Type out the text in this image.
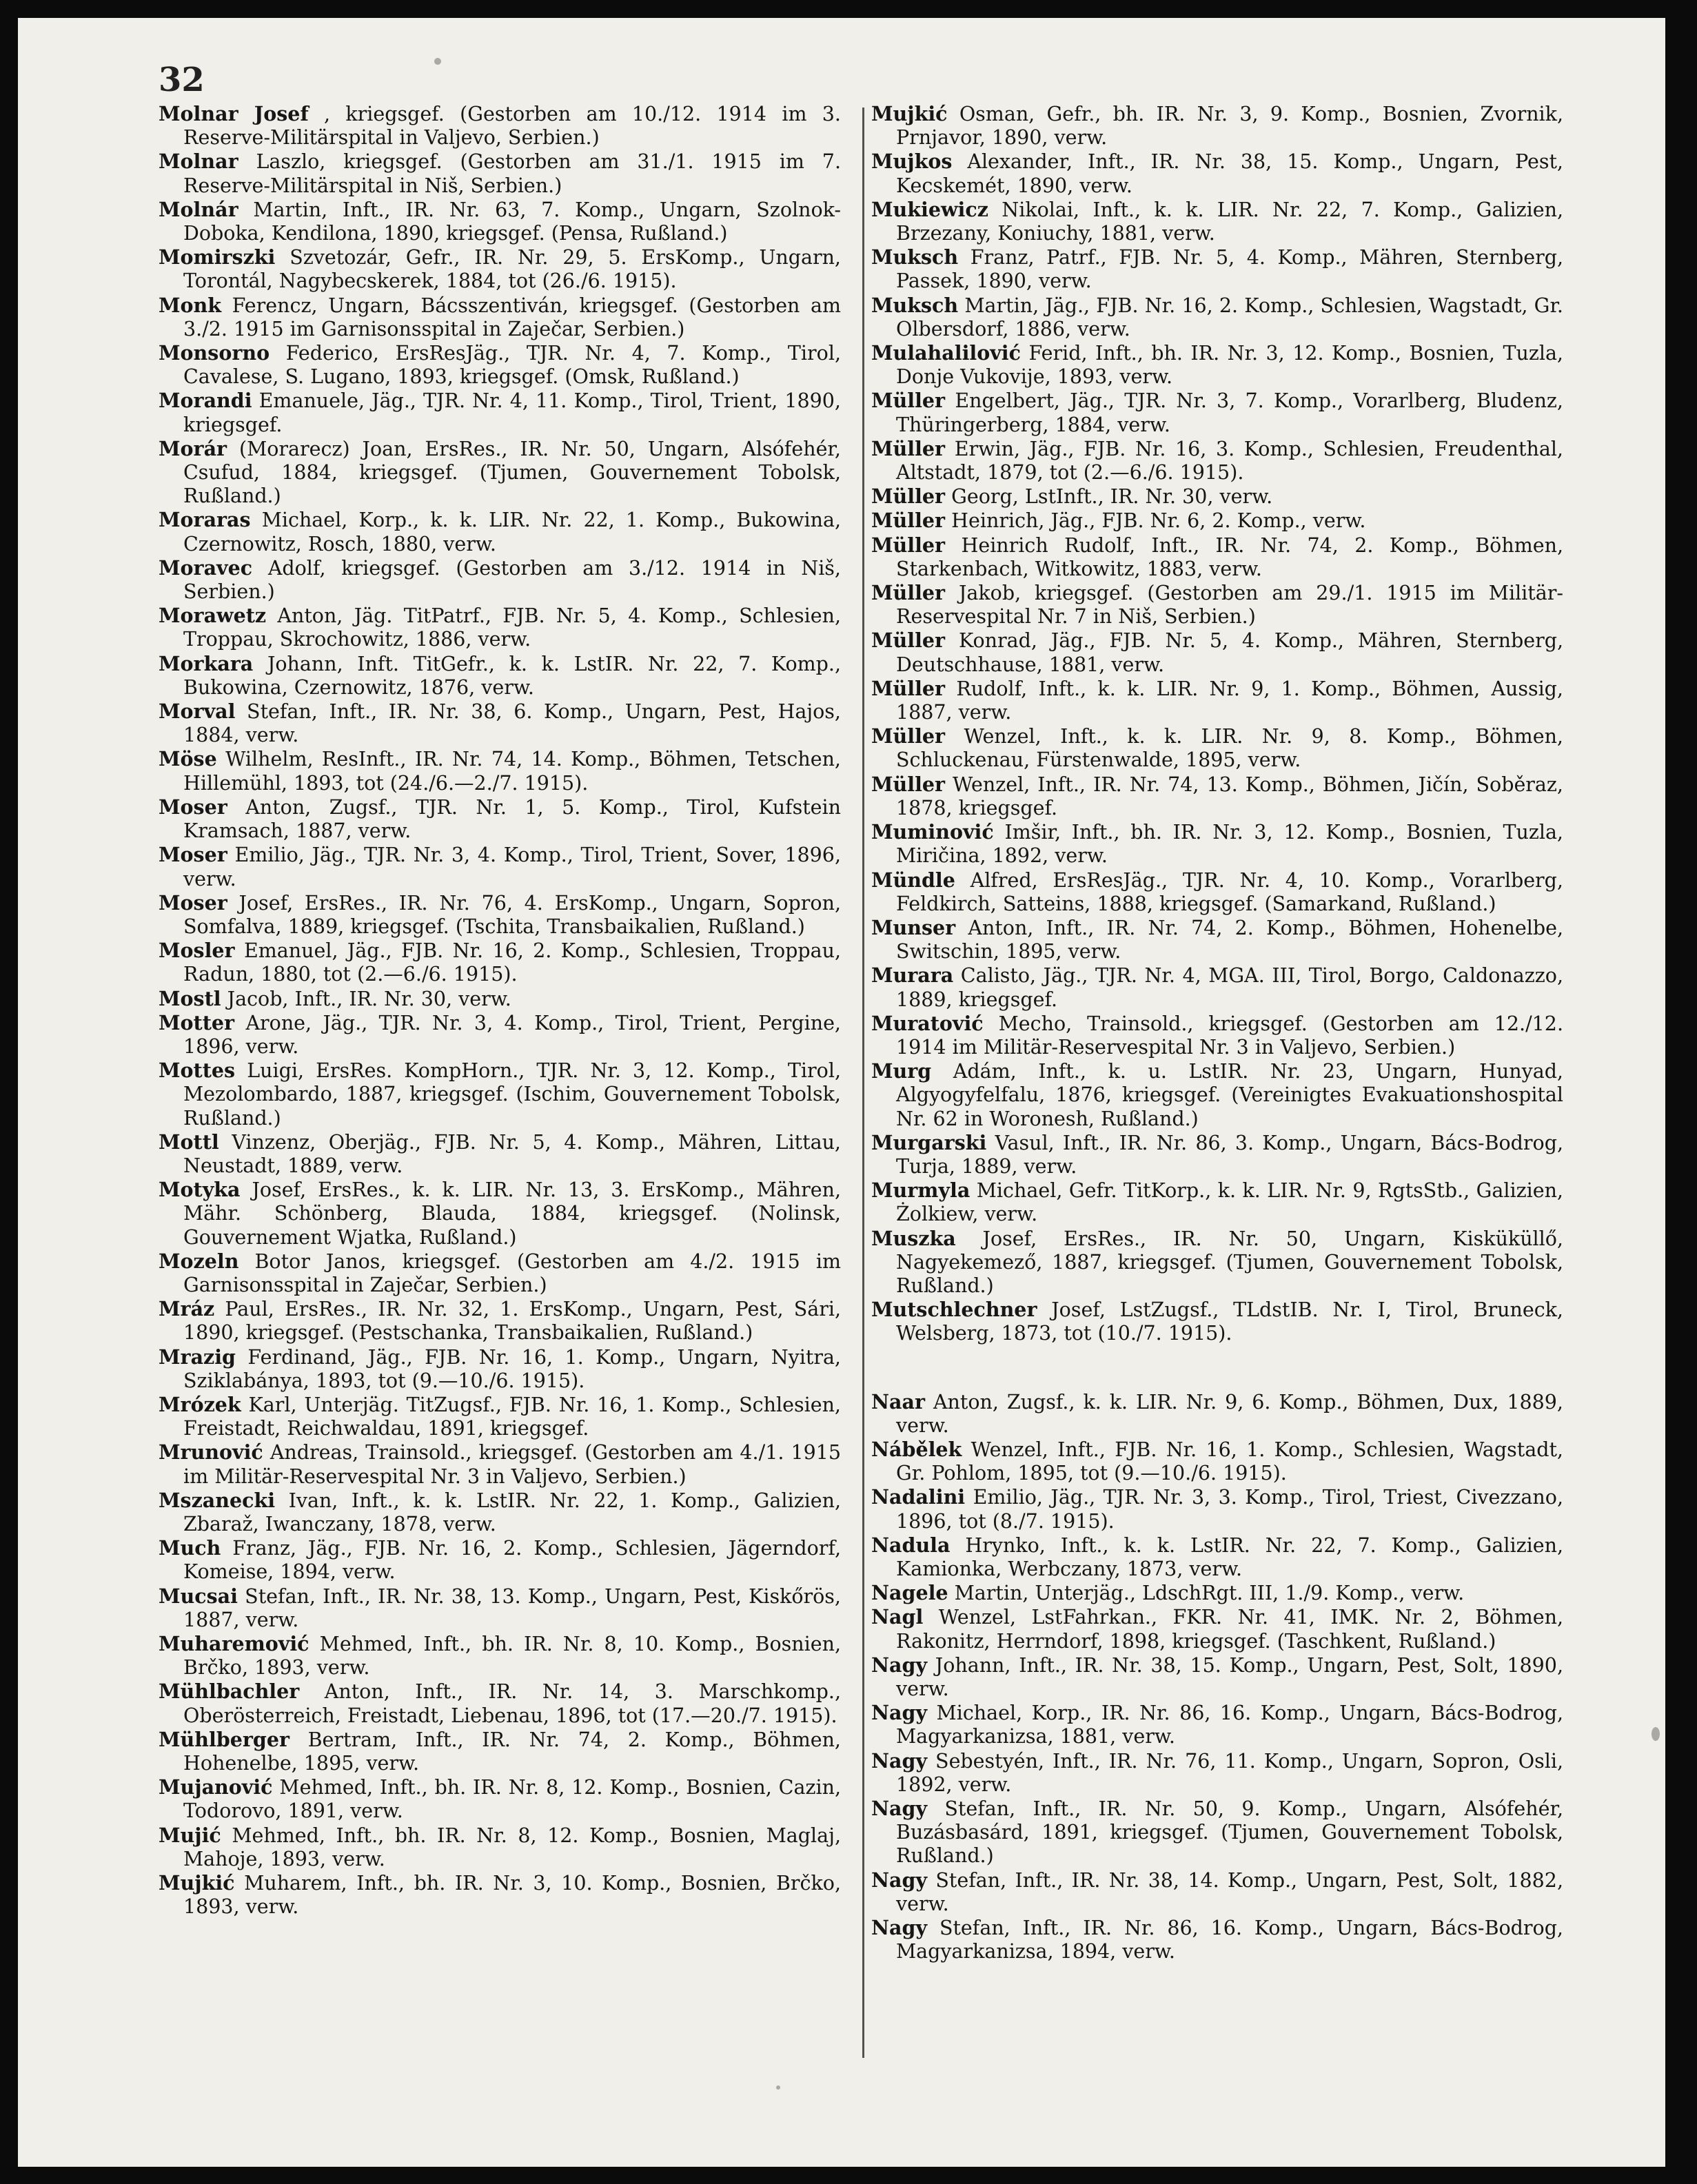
32

Molnar Josef , kriegsgef. (Gestorben am 10./12. 1914 im 3. Reserve-Militärspital in Valjevo, Serbien.)

Molnar Laszlo, kriegsgef. (Gestorben am 31./1. 1915 im 7. Reserve-Militärspital in Niš, Serbien.)

Molnár Martin, Inft., IR. Nr. 63, 7. Komp., Ungarn, Szolnok-Doboka, Kendilona, 1890, kriegsgef. (Pensa, Rußland.)

Momirszki Szvetozár, Gefr., IR. Nr. 29, 5. ErsKomp., Ungarn, Torontál, Nagybecskerek, 1884, tot (26./6. 1915).

Monk Ferencz, Ungarn, Bácsszentiván, kriegsgef. (Gestorben am 3./2. 1915 im Garnisonsspital in Zaječar, Serbien.)

Monsorno Federico, ErsResJäg., TJR. Nr. 4, 7. Komp., Tirol, Cavalese, S. Lugano, 1893, kriegsgef. (Omsk, Rußland.)

Morandi Emanuele, Jäg., TJR. Nr. 4, 11. Komp., Tirol, Trient, 1890, kriegsgef.

Morár (Morarecz) Joan, ErsRes., IR. Nr. 50, Ungarn, Alsófehér, Csufud, 1884, kriegsgef. (Tjumen, Gouvernement Tobolsk, Rußland.)

Moraras Michael, Korp., k. k. LIR. Nr. 22, 1. Komp., Bukowina, Czernowitz, Rosch, 1880, verw.

Moravec Adolf, kriegsgef. (Gestorben am 3./12. 1914 in Niš, Serbien.)

Morawetz Anton, Jäg. TitPatrf., FJB. Nr. 5, 4. Komp., Schlesien, Troppau, Skrochowitz, 1886, verw.

Morkara Johann, Inft. TitGefr., k. k. LstIR. Nr. 22, 7. Komp., Bukowina, Czernowitz, 1876, verw.

Morval Stefan, Inft., IR. Nr. 38, 6. Komp., Ungarn, Pest, Hajos, 1884, verw.

Möse Wilhelm, ResInft., IR. Nr. 74, 14. Komp., Böhmen, Tetschen, Hillemühl, 1893, tot (24./6.—2./7. 1915).

Moser Anton, Zugsf., TJR. Nr. 1, 5. Komp., Tirol, Kufstein Kramsach, 1887, verw.

Moser Emilio, Jäg., TJR. Nr. 3, 4. Komp., Tirol, Trient, Sover, 1896, verw.

Moser Josef, ErsRes., IR. Nr. 76, 4. ErsKomp., Ungarn, Sopron, Somfalva, 1889, kriegsgef. (Tschita, Transbaikalien, Rußland.)

Mosler Emanuel, Jäg., FJB. Nr. 16, 2. Komp., Schlesien, Troppau, Radun, 1880, tot (2.—6./6. 1915).

Mostl Jacob, Inft., IR. Nr. 30, verw.

Motter Arone, Jäg., TJR. Nr. 3, 4. Komp., Tirol, Trient, Pergine, 1896, verw.

Mottes Luigi, ErsRes. KompHorn., TJR. Nr. 3, 12. Komp., Tirol, Mezolombardo, 1887, kriegsgef. (Ischim, Gouvernement Tobolsk, Rußland.)

Mottl Vinzenz, Oberjäg., FJB. Nr. 5, 4. Komp., Mähren, Littau, Neustadt, 1889, verw.

Motyka Josef, ErsRes., k. k. LIR. Nr. 13, 3. ErsKomp., Mähren, Mähr. Schönberg, Blauda, 1884, kriegsgef. (Nolinsk, Gouvernement Wjatka, Rußland.)

Mozeln Botor Janos, kriegsgef. (Gestorben am 4./2. 1915 im Garnisonsspital in Zaječar, Serbien.)

Mráz Paul, ErsRes., IR. Nr. 32, 1. ErsKomp., Ungarn, Pest, Sári, 1890, kriegsgef. (Pestschanka, Transbaikalien, Rußland.)

Mrazig Ferdinand, Jäg., FJB. Nr. 16, 1. Komp., Ungarn, Nyitra, Sziklabánya, 1893, tot (9.—10./6. 1915).

Mrózek Karl, Unterjäg. TitZugsf., FJB. Nr. 16, 1. Komp., Schlesien, Freistadt, Reichwaldau, 1891, kriegsgef.

Mrunović Andreas, Trainsold., kriegsgef. (Gestorben am 4./1. 1915 im Militär-Reservespital Nr. 3 in Valjevo, Serbien.)

Mszanecki Ivan, Inft., k. k. LstIR. Nr. 22, 1. Komp., Galizien, Zbaraž, Iwanczany, 1878, verw.

Much Franz, Jäg., FJB. Nr. 16, 2. Komp., Schlesien, Jägerndorf, Komeise, 1894, verw.

Mucsai Stefan, Inft., IR. Nr. 38, 13. Komp., Ungarn, Pest, Kiskőrös, 1887, verw.

Muharemović Mehmed, Inft., bh. IR. Nr. 8, 10. Komp., Bosnien, Brčko, 1893, verw.

Mühlbachler Anton, Inft., IR. Nr. 14, 3. Marschkomp., Oberösterreich, Freistadt, Liebenau, 1896, tot (17.—20./7. 1915).

Mühlberger Bertram, Inft., IR. Nr. 74, 2. Komp., Böhmen, Hohenelbe, 1895, verw.

Mujanović Mehmed, Inft., bh. IR. Nr. 8, 12. Komp., Bosnien, Cazin, Todorovo, 1891, verw.

Mujić Mehmed, Inft., bh. IR. Nr. 8, 12. Komp., Bosnien, Maglaj, Mahoje, 1893, verw.

Mujkić Muharem, Inft., bh. IR. Nr. 3, 10. Komp., Bosnien, Brčko, 1893, verw.

Mujkić Osman, Gefr., bh. IR. Nr. 3, 9. Komp., Bosnien, Zvornik, Prnjavor, 1890, verw.

Mujkos Alexander, Inft., IR. Nr. 38, 15. Komp., Ungarn, Pest, Kecskemét, 1890, verw.

Mukiewicz Nikolai, Inft., k. k. LIR. Nr. 22, 7. Komp., Galizien, Brzezany, Koniuchy, 1881, verw.

Muksch Franz, Patrf., FJB. Nr. 5, 4. Komp., Mähren, Sternberg, Passek, 1890, verw.

Muksch Martin, Jäg., FJB. Nr. 16, 2. Komp., Schlesien, Wagstadt, Gr. Olbersdorf, 1886, verw.

Mulahalilović Ferid, Inft., bh. IR. Nr. 3, 12. Komp., Bosnien, Tuzla, Donje Vukovije, 1893, verw.

Müller Engelbert, Jäg., TJR. Nr. 3, 7. Komp., Vorarlberg, Bludenz, Thüringerberg, 1884, verw.

Müller Erwin, Jäg., FJB. Nr. 16, 3. Komp., Schlesien, Freudenthal, Altstadt, 1879, tot (2.—6./6. 1915).

Müller Georg, LstInft., IR. Nr. 30, verw.

Müller Heinrich, Jäg., FJB. Nr. 6, 2. Komp., verw.

Müller Heinrich Rudolf, Inft., IR. Nr. 74, 2. Komp., Böhmen, Starkenbach, Witkowitz, 1883, verw.

Müller Jakob, kriegsgef. (Gestorben am 29./1. 1915 im Militär-Reservespital Nr. 7 in Niš, Serbien.)

Müller Konrad, Jäg., FJB. Nr. 5, 4. Komp., Mähren, Sternberg, Deutschhause, 1881, verw.

Müller Rudolf, Inft., k. k. LIR. Nr. 9, 1. Komp., Böhmen, Aussig, 1887, verw.

Müller Wenzel, Inft., k. k. LIR. Nr. 9, 8. Komp., Böhmen, Schluckenau, Fürstenwalde, 1895, verw.

Müller Wenzel, Inft., IR. Nr. 74, 13. Komp., Böhmen, Jičín, Soběraz, 1878, kriegsgef.

Muminović Imšir, Inft., bh. IR. Nr. 3, 12. Komp., Bosnien, Tuzla, Miričina, 1892, verw.

Mündle Alfred, ErsResJäg., TJR. Nr. 4, 10. Komp., Vorarlberg, Feldkirch, Satteins, 1888, kriegsgef. (Samarkand, Rußland.)

Munser Anton, Inft., IR. Nr. 74, 2. Komp., Böhmen, Hohenelbe, Switschin, 1895, verw.

Murara Calisto, Jäg., TJR. Nr. 4, MGA. III, Tirol, Borgo, Caldonazzo, 1889, kriegsgef.

Muratović Mecho, Trainsold., kriegsgef. (Gestorben am 12./12. 1914 im Militär-Reservespital Nr. 3 in Valjevo, Serbien.)

Murg Adám, Inft., k. u. LstIR. Nr. 23, Ungarn, Hunyad, Algyogyfelfalu, 1876, kriegsgef. (Vereinigtes Evakuationshospital Nr. 62 in Woronesh, Rußland.)

Murgarski Vasul, Inft., IR. Nr. 86, 3. Komp., Ungarn, Bács-Bodrog, Turja, 1889, verw.

Murmyla Michael, Gefr. TitKorp., k. k. LIR. Nr. 9, RgtsStb., Galizien, Żolkiew, verw.

Muszka Josef, ErsRes., IR. Nr. 50, Ungarn, Kisküküllő, Nagyekemező, 1887, kriegsgef. (Tjumen, Gouvernement Tobolsk, Rußland.)

Mutschlechner Josef, LstZugsf., TLdstIB. Nr. I, Tirol, Bruneck, Welsberg, 1873, tot (10./7. 1915).

Naar Anton, Zugsf., k. k. LIR. Nr. 9, 6. Komp., Böhmen, Dux, 1889, verw.

Nábělek Wenzel, Inft., FJB. Nr. 16, 1. Komp., Schlesien, Wagstadt, Gr. Pohlom, 1895, tot (9.—10./6. 1915).

Nadalini Emilio, Jäg., TJR. Nr. 3, 3. Komp., Tirol, Triest, Civezzano, 1896, tot (8./7. 1915).

Nadula Hrynko, Inft., k. k. LstIR. Nr. 22, 7. Komp., Galizien, Kamionka, Werbczany, 1873, verw.

Nagele Martin, Unterjäg., LdschRgt. III, 1./9. Komp., verw.

Nagl Wenzel, LstFahrkan., FKR. Nr. 41, IMK. Nr. 2, Böhmen, Rakonitz, Herrndorf, 1898, kriegsgef. (Taschkent, Rußland.)

Nagy Johann, Inft., IR. Nr. 38, 15. Komp., Ungarn, Pest, Solt, 1890, verw.

Nagy Michael, Korp., IR. Nr. 86, 16. Komp., Ungarn, Bács-Bodrog, Magyarkanizsa, 1881, verw.

Nagy Sebestyén, Inft., IR. Nr. 76, 11. Komp., Ungarn, Sopron, Osli, 1892, verw.

Nagy Stefan, Inft., IR. Nr. 50, 9. Komp., Ungarn, Alsófehér, Buzásbasárd, 1891, kriegsgef. (Tjumen, Gouvernement Tobolsk, Rußland.)

Nagy Stefan, Inft., IR. Nr. 38, 14. Komp., Ungarn, Pest, Solt, 1882, verw.

Nagy Stefan, Inft., IR. Nr. 86, 16. Komp., Ungarn, Bács-Bodrog, Magyarkanizsa, 1894, verw.
